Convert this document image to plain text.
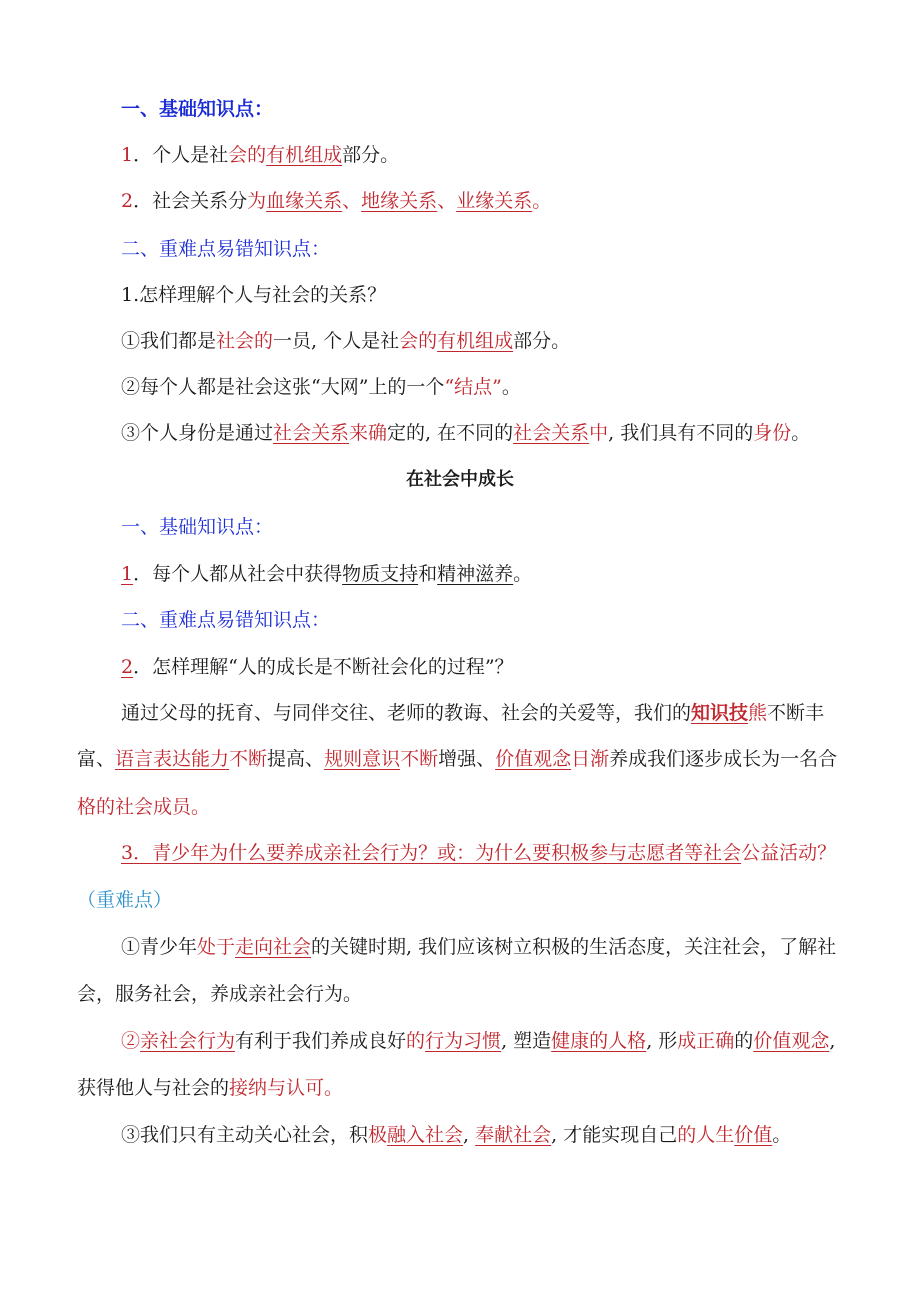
一、基础知识点：
1．个人是社会的有机组成部分。
2．社会关系分为血缘关系、地缘关系、业缘关系。
二、重难点易错知识点：
1.怎样理解个人与社会的关系？
①我们都是社会的一员, 个人是社会的有机组成部分。
②每个人都是社会这张“大网”上的一个“结点”。
③个人身份是通过社会关系来确定的, 在不同的社会关系中, 我们具有不同的身份。
在社会中成长
一、基础知识点：
1．每个人都从社会中获得物质支持和精神滋养。
二、重难点易错知识点：
2．怎样理解“人的成长是不断社会化的过程”？
通过父母的抚育、与同伴交往、老师的教诲、社会的关爱等，我们的知识技熊不断丰
富、语言表达能力不断提高、规则意识不断增强、价值观念日渐养成我们逐步成长为一名合
格的社会成员。
3．青少年为什么要养成亲社会行为？或：为什么要积极参与志愿者等社会公益活动？
（重难点）
①青少年处于走向社会的关键时期, 我们应该树立积极的生活态度，关注社会，了解社
会，服务社会，养成亲社会行为。
②亲社会行为有利于我们养成良好的行为习惯, 塑造健康的人格, 形成正确的价值观念,
获得他人与社会的接纳与认可。
③我们只有主动关心社会，积极融入社会, 奉献社会, 才能实现自己的人生价值。
